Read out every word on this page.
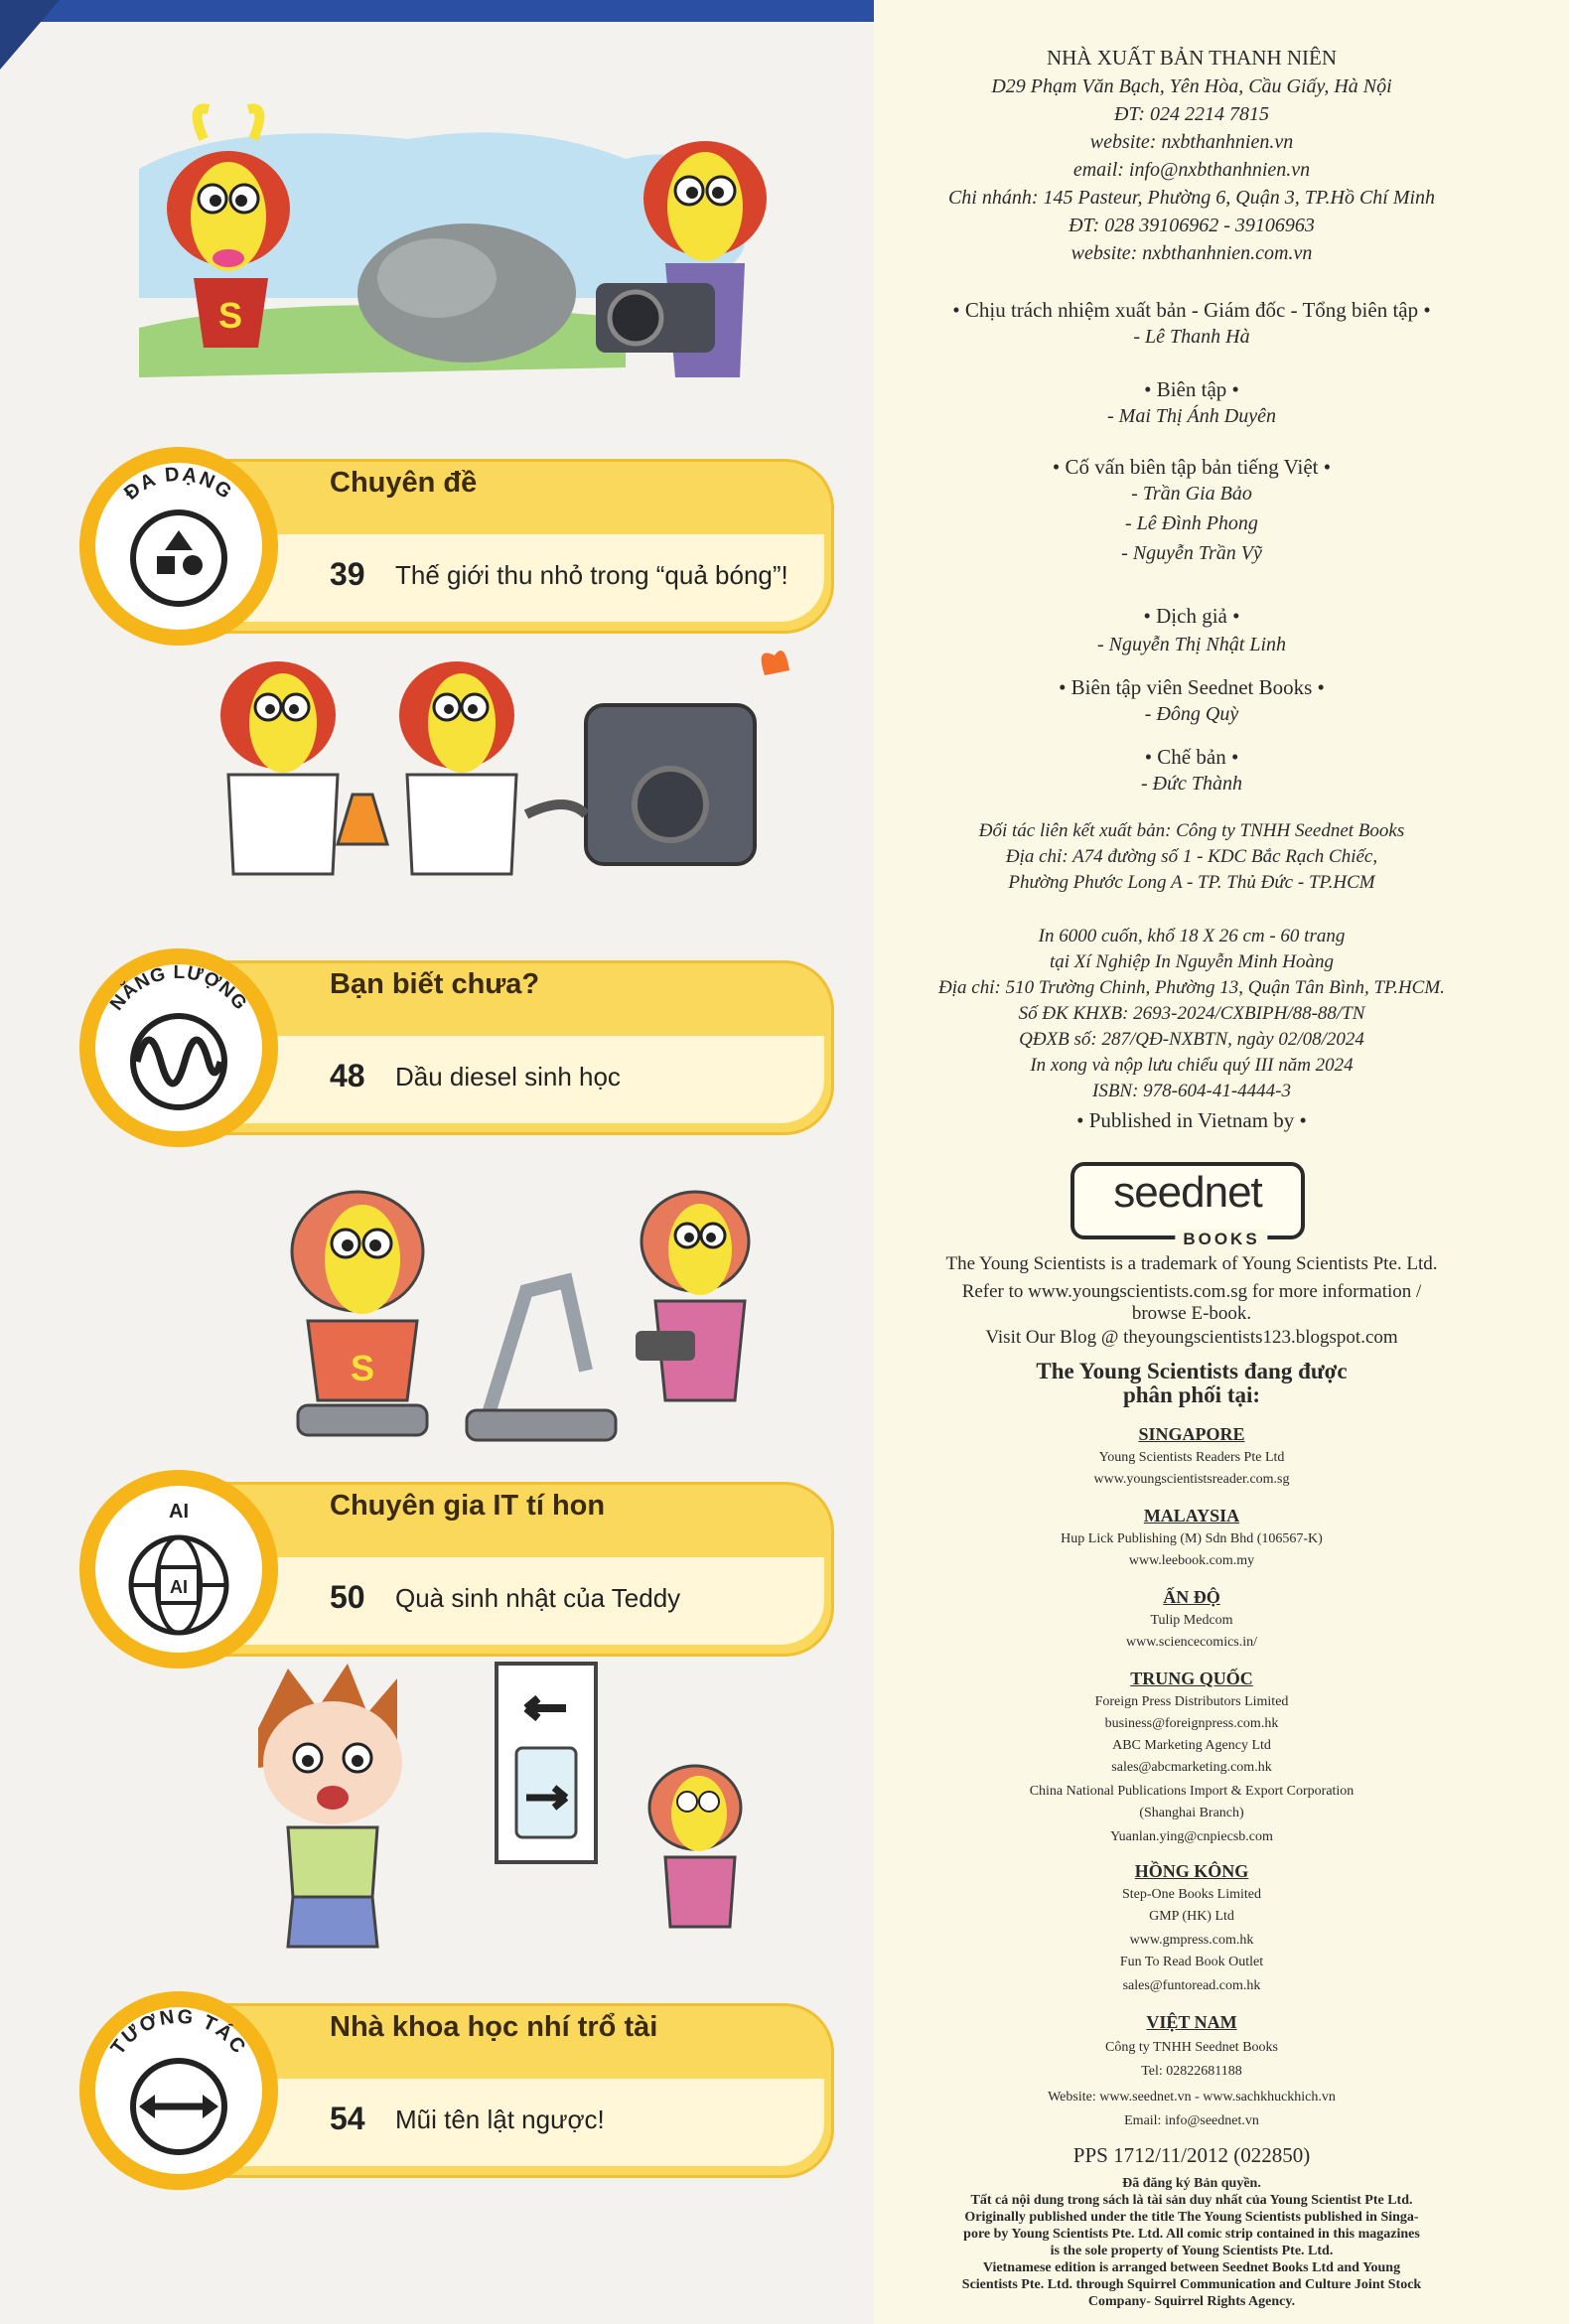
S
ĐA DẠNG	Chuyên đề
39 Thế giới thu nhỏ trong “quả bóng”!
NĂNG LƯỢNG
Bạn biết chưa?
48 Dầu diesel sinh học
S
AI
AI
Chuyên gia IT tí hon
50 Quà sinh nhật của Teddy
TƯƠNG TÁC
Nhà khoa học nhí trổ tài
54 Mũi tên lật ngược!
NHÀ XUẤT BẢN THANH NIÊN
D29 Phạm Văn Bạch, Yên Hòa, Cầu Giấy, Hà Nội
ĐT: 024 2214 7815
website: nxbthanhnien.vn
email: info@nxbthanhnien.vn
Chi nhánh: 145 Pasteur, Phường 6, Quận 3, TP.Hồ Chí Minh
ĐT: 028 39106962 - 39106963
website: nxbthanhnien.com.vn
• Chịu trách nhiệm xuất bản - Giám đốc - Tổng biên tập •
- Lê Thanh Hà
• Biên tập •
- Mai Thị Ánh Duyên
• Cố vấn biên tập bản tiếng Việt •
- Trần Gia Bảo
- Lê Đình Phong
- Nguyễn Trần Vỹ
• Dịch giả •
- Nguyễn Thị Nhật Linh
• Biên tập viên Seednet Books •
- Đông Quỳ
• Chế bản •
- Đức Thành
Đối tác liên kết xuất bản: Công ty TNHH Seednet Books
Địa chỉ: A74 đường số 1 - KDC Bắc Rạch Chiếc,
Phường Phước Long A - TP. Thủ Đức - TP.HCM
In 6000 cuốn, khổ 18 X 26 cm - 60 trang
tại Xí Nghiệp In Nguyễn Minh Hoàng
Địa chỉ: 510 Trường Chinh, Phường 13, Quận Tân Bình, TP.HCM.
Số ĐK KHXB: 2693-2024/CXBIPH/88-88/TN
QĐXB số: 287/QĐ-NXBTN, ngày 02/08/2024
In xong và nộp lưu chiểu quý III năm 2024
ISBN: 978-604-41-4444-3
• Published in Vietnam by •
seednet
BOOKS
The Young Scientists is a trademark of Young Scientists Pte. Ltd.
Refer to www.youngscientists.com.sg for more information /
browse E-book.
Visit Our Blog @ theyoungscientists123.blogspot.com
The Young Scientists đang được
phân phối tại:
SINGAPORE
Young Scientists Readers Pte Ltd
www.youngscientistsreader.com.sg
MALAYSIA
Hup Lick Publishing (M) Sdn Bhd (106567-K)
www.leebook.com.my
ẤN ĐỘ
Tulip Medcom
www.sciencecomics.in/
TRUNG QUỐC
Foreign Press Distributors Limited
business@foreignpress.com.hk
ABC Marketing Agency Ltd
sales@abcmarketing.com.hk
China National Publications Import & Export Corporation
(Shanghai Branch)
Yuanlan.ying@cnpiecsb.com
HỒNG KÔNG
Step-One Books Limited
GMP (HK) Ltd
www.gmpress.com.hk
Fun To Read Book Outlet
sales@funtoread.com.hk
VIỆT NAM
Công ty TNHH Seednet Books
Tel: 02822681188
Website: www.seednet.vn - www.sachkhuckhich.vn
Email: info@seednet.vn
PPS 1712/11/2012 (022850)
Đã đăng ký Bản quyền.
Tất cả nội dung trong sách là tài sản duy nhất của Young Scientist Pte Ltd.
Originally published under the title The Young Scientists published in Singa-
pore by Young Scientists Pte. Ltd. All comic strip contained in this magazines
is the sole property of Young Scientists Pte. Ltd.
Vietnamese edition is arranged between Seednet Books Ltd and Young
Scientists Pte. Ltd. through Squirrel Communication and Culture Joint Stock
Company- Squirrel Rights Agency.
